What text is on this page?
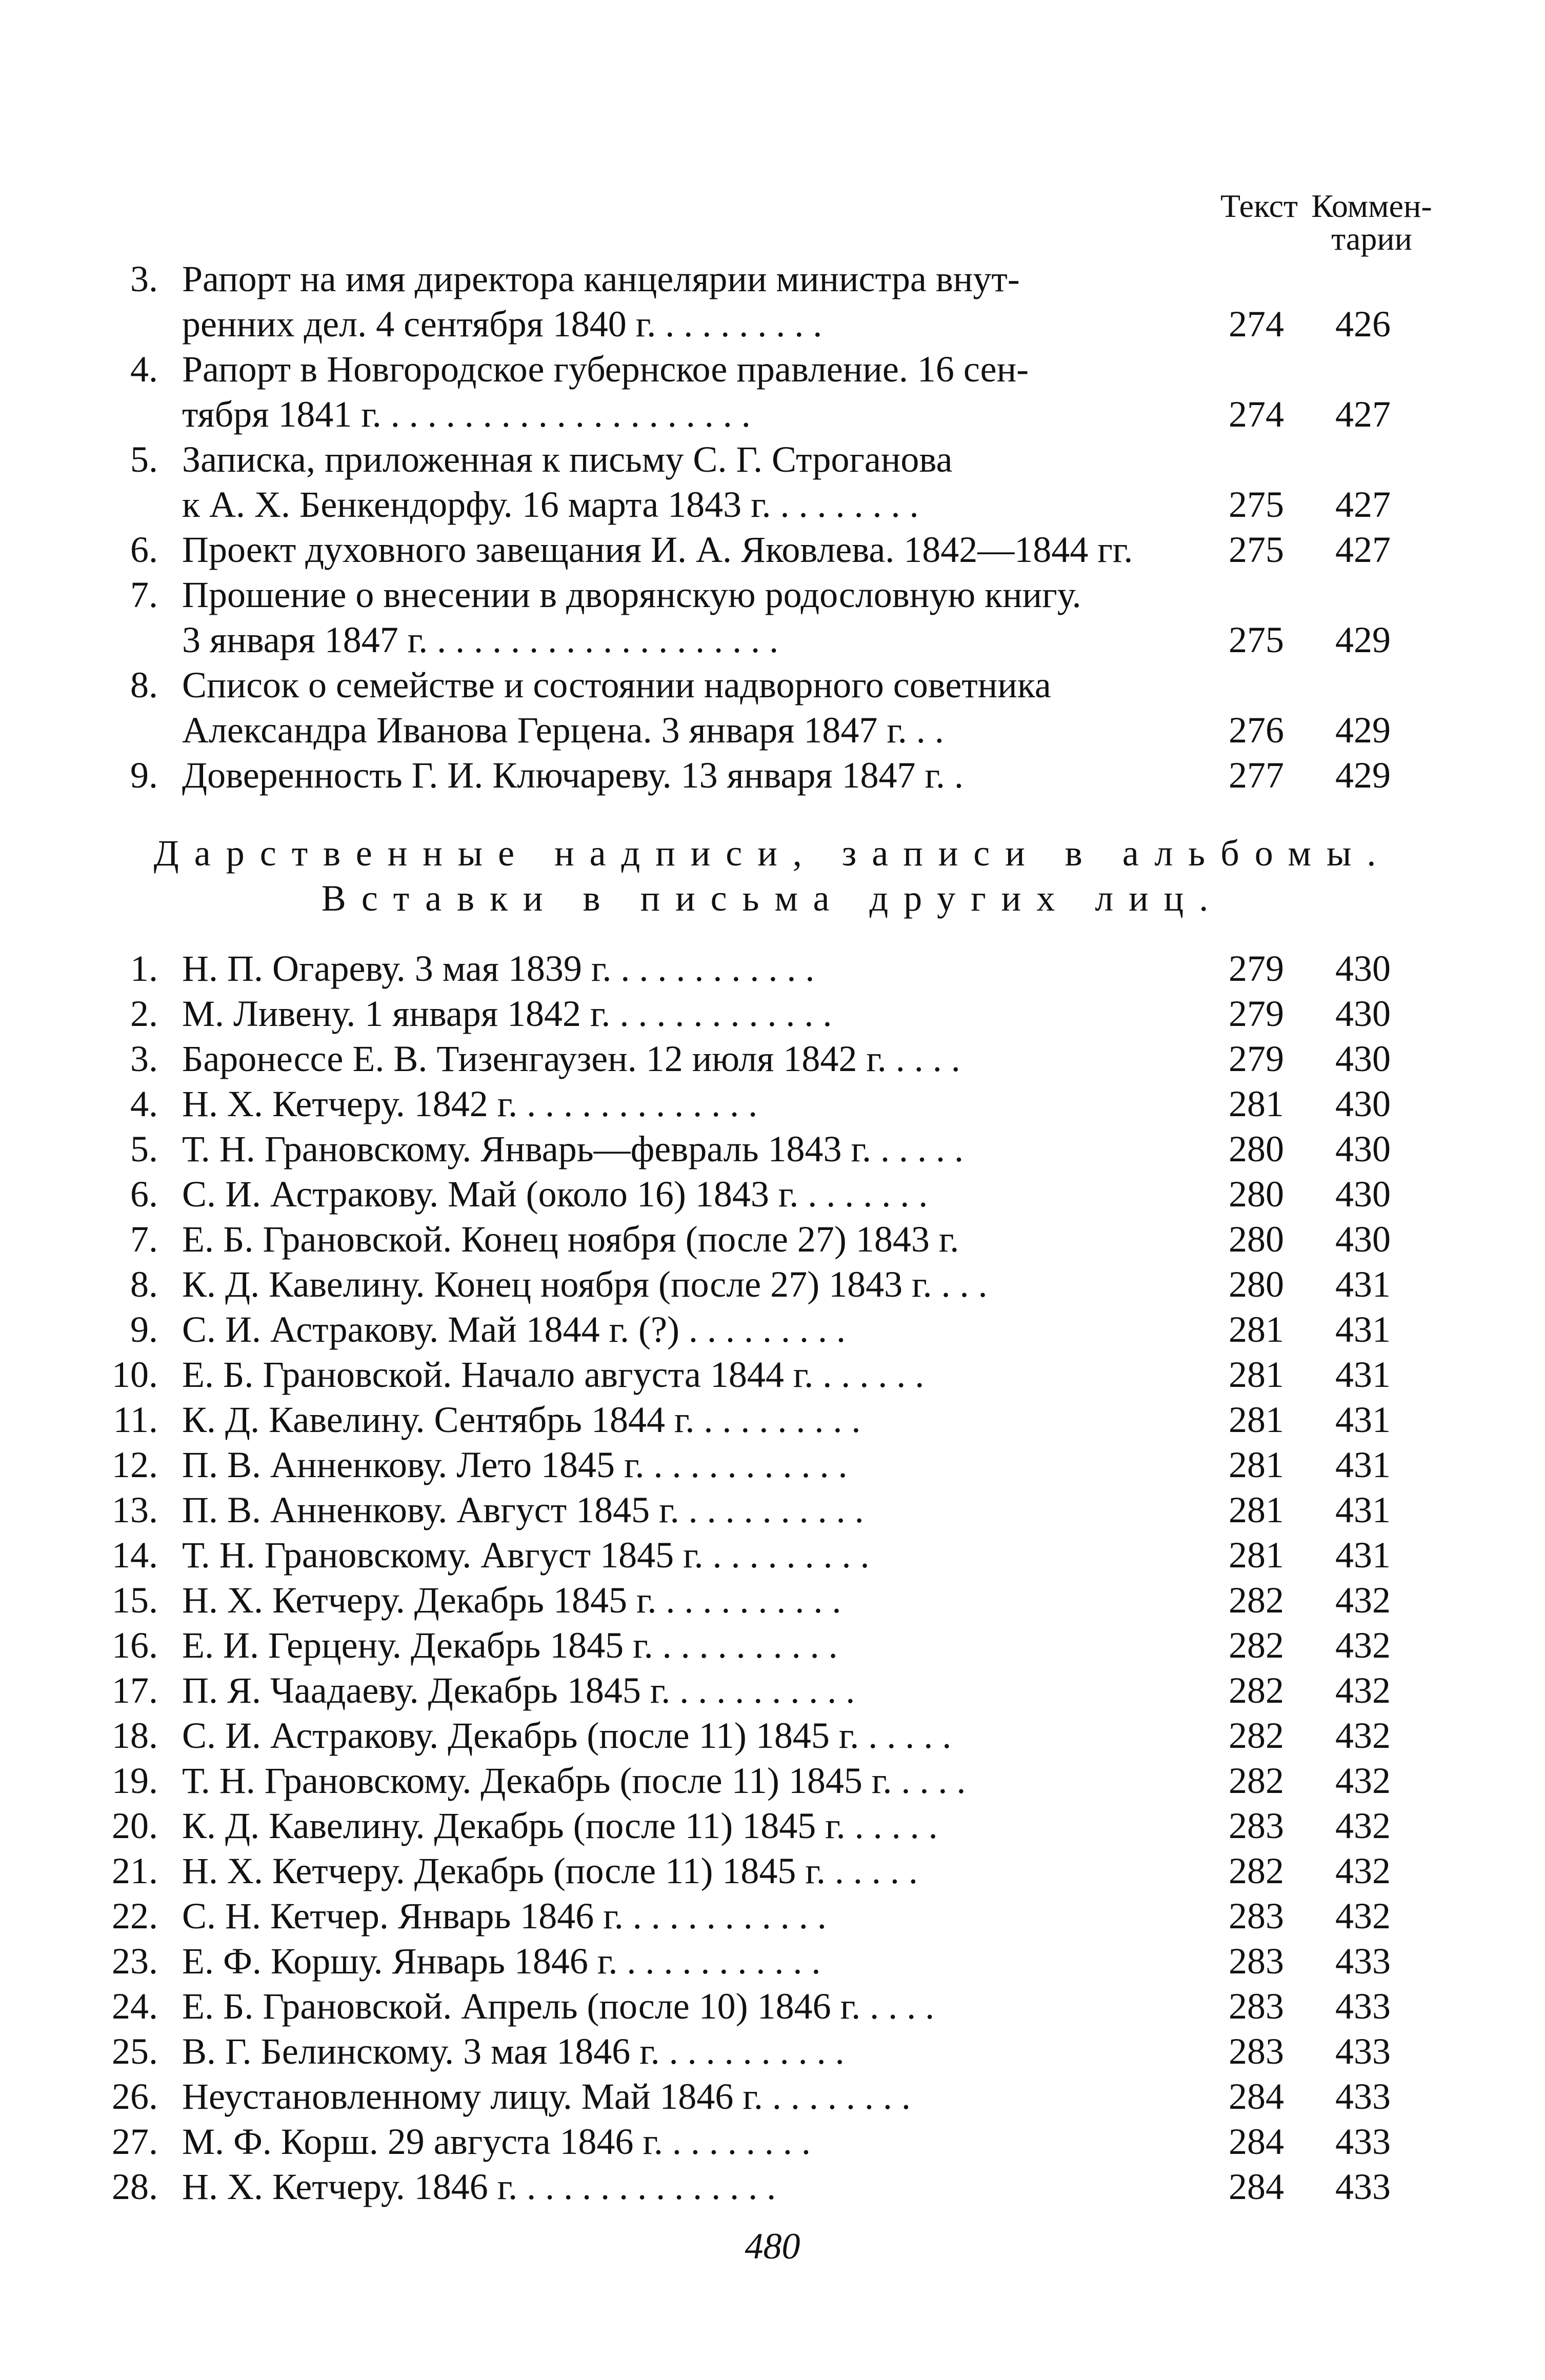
Текст Коммен-тарии
3. Рапорт на имя директора канцелярии министра внут-
ренних дел. 4 сентября 1840 г. . . . . . . . . .	274 426
4. Рапорт в Новгородское губернское правление. 16 сен-
тября 1841 г. . . . . . . . . . . . . . . . . . . . .	274 427
5. Записка, приложенная к письму С. Г. Строганова
к А. Х. Бенкендорфу. 16 марта 1843 г. . . . . . . . .	275 427
6. Проект духовного завещания И. А. Яковлева. 1842—1844 гг.	275 427
7. Прошение о внесении в дворянскую родословную книгу.
3 января 1847 г. . . . . . . . . . . . . . . . . . . .	275 429
8. Список о семействе и состоянии надворного советника
Александра Иванова Герцена. 3 января 1847 г. . .	276 429
9. Доверенность Г. И. Ключареву. 13 января 1847 г. .	277 429
Дарственные надписи, записи в альбомы.
Вставки в письма других лиц.
1. Н. П. Огареву. 3 мая 1839 г. . . . . . . . . . . .	279 430
2. М. Ливену. 1 января 1842 г. . . . . . . . . . . . .	279 430
3. Баронессе Е. В. Тизенгаузен. 12 июля 1842 г. . . . .	279 430
4. Н. Х. Кетчеру. 1842 г. . . . . . . . . . . . . .	281 430
5. Т. Н. Грановскому. Январь—февраль 1843 г. . . . . .	280 430
6. С. И. Астракову. Май (около 16) 1843 г. . . . . . . .	280 430
7. Е. Б. Грановской. Конец ноября (после 27) 1843 г.	280 430
8. К. Д. Кавелину. Конец ноября (после 27) 1843 г. . . .	280 431
9. С. И. Астракову. Май 1844 г. (?) . . . . . . . . .	281 431
10. Е. Б. Грановской. Начало августа 1844 г. . . . . . .	281 431
11. К. Д. Кавелину. Сентябрь 1844 г. . . . . . . . . .	281 431
12. П. В. Анненкову. Лето 1845 г. . . . . . . . . . . .	281 431
13. П. В. Анненкову. Август 1845 г. . . . . . . . . . .	281 431
14. Т. Н. Грановскому. Август 1845 г. . . . . . . . . .	281 431
15. Н. Х. Кетчеру. Декабрь 1845 г. . . . . . . . . . .	282 432
16. Е. И. Герцену. Декабрь 1845 г. . . . . . . . . . .	282 432
17. П. Я. Чаадаеву. Декабрь 1845 г. . . . . . . . . . .	282 432
18. С. И. Астракову. Декабрь (после 11) 1845 г. . . . . .	282 432
19. Т. Н. Грановскому. Декабрь (после 11) 1845 г. . . . .	282 432
20. К. Д. Кавелину. Декабрь (после 11) 1845 г. . . . . .	283 432
21. Н. Х. Кетчеру. Декабрь (после 11) 1845 г. . . . . .	282 432
22. С. Н. Кетчер. Январь 1846 г. . . . . . . . . . . .	283 432
23. Е. Ф. Коршу. Январь 1846 г. . . . . . . . . . . .	283 433
24. Е. Б. Грановской. Апрель (после 10) 1846 г. . . . .	283 433
25. В. Г. Белинскому. 3 мая 1846 г. . . . . . . . . . .	283 433
26. Неустановленному лицу. Май 1846 г. . . . . . . . .	284 433
27. М. Ф. Корш. 29 августа 1846 г. . . . . . . . .	284 433
28. Н. Х. Кетчеру. 1846 г. . . . . . . . . . . . . . .	284 433
480
